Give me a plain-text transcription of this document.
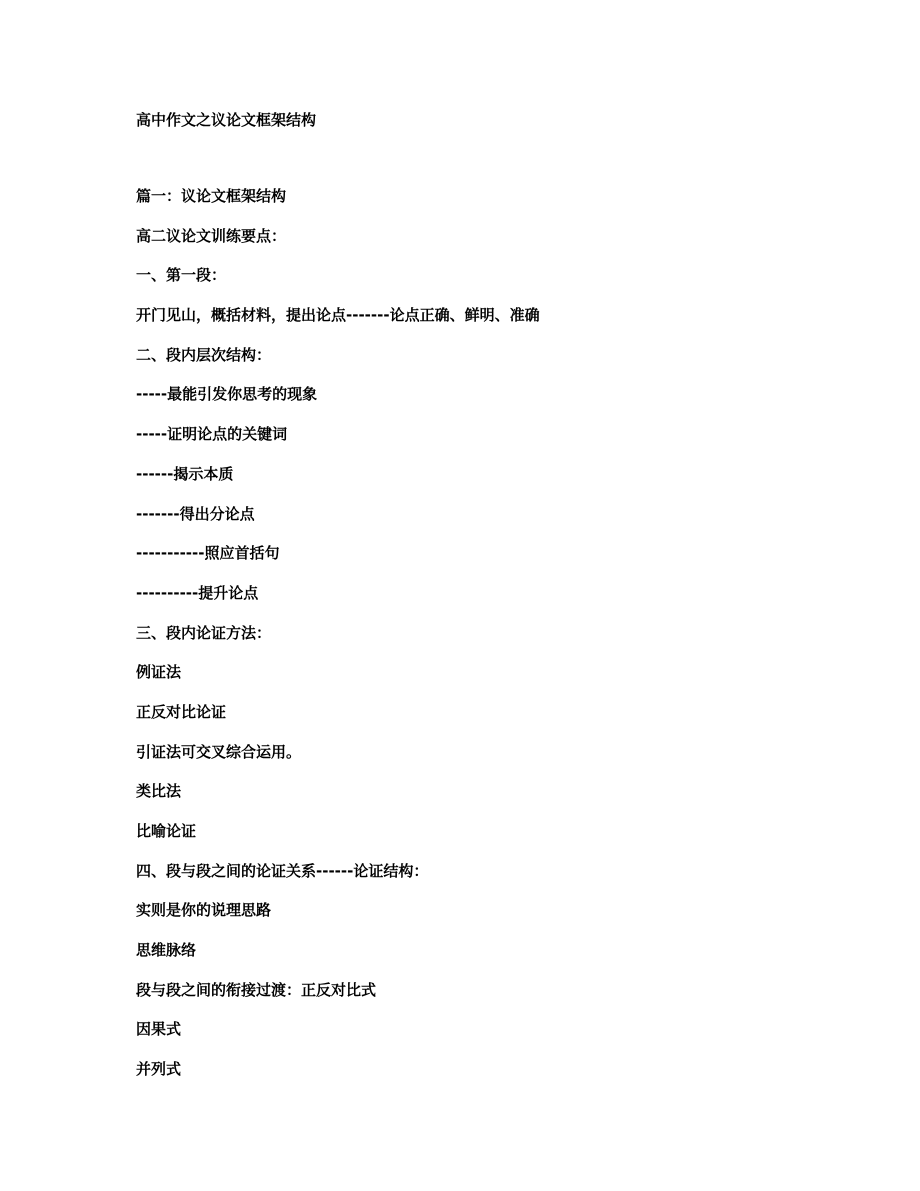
高中作文之议论文框架结构
篇一：议论文框架结构
高二议论文训练要点：
一、第一段：
开门见山，概括材料，提出论点-------论点正确、鲜明、准确
二、段内层次结构：
-----最能引发你思考的现象
-----证明论点的关键词
------揭示本质
-------得出分论点
-----------照应首括句
----------提升论点
三、段内论证方法：
例证法
正反对比论证
引证法可交叉综合运用。
类比法
比喻论证
四、段与段之间的论证关系------论证结构：
实则是你的说理思路
思维脉络
段与段之间的衔接过渡：正反对比式
因果式
并列式
